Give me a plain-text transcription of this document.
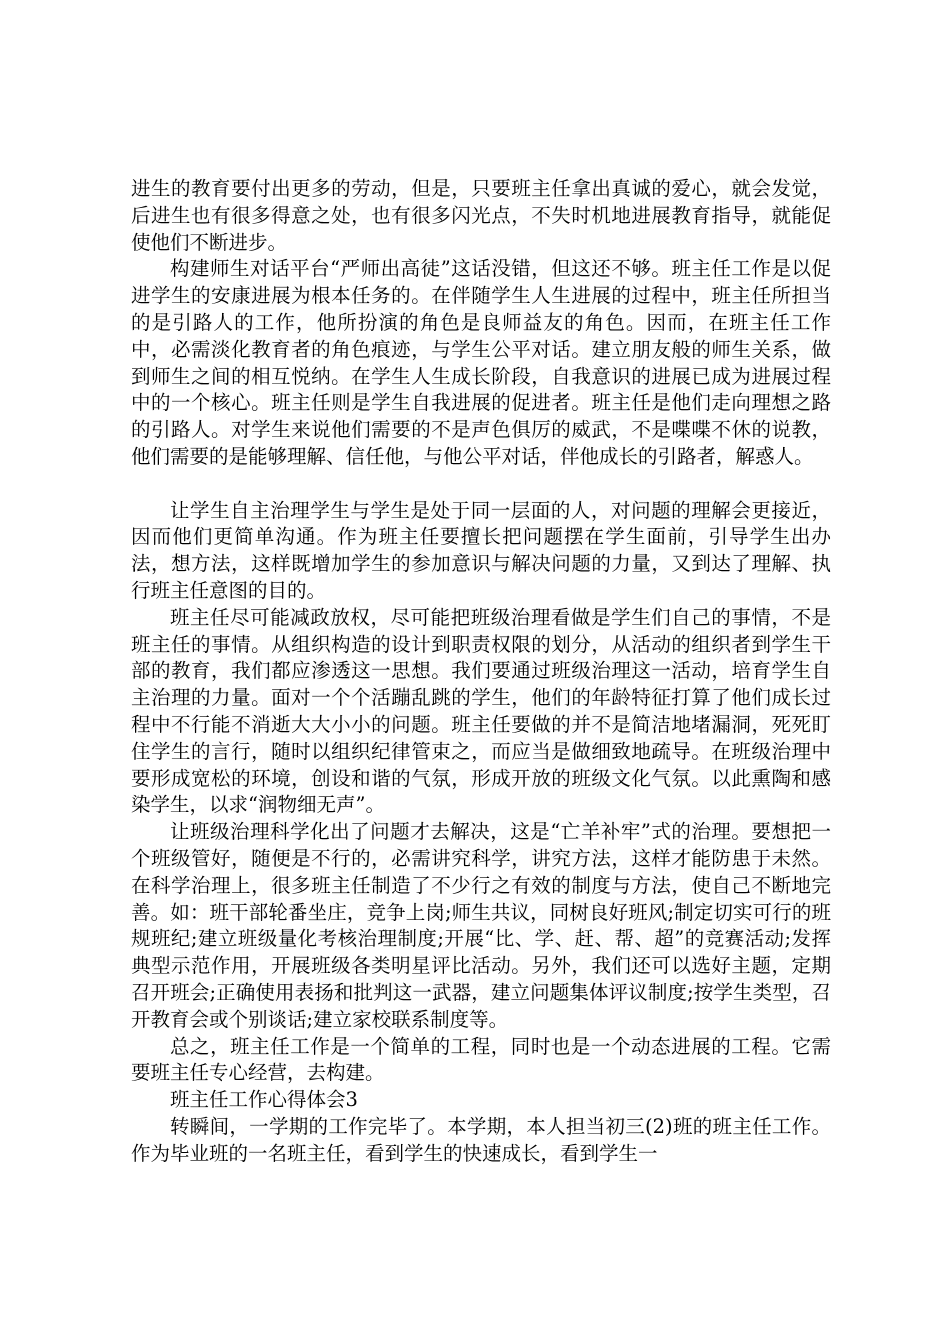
进生的教育要付出更多的劳动，但是，只要班主任拿出真诚的爱心，就会发觉，后进生也有很多得意之处，也有很多闪光点，不失时机地进展教育指导，就能促使他们不断进步。

构建师生对话平台“严师出高徒”这话没错，但这还不够。班主任工作是以促进学生的安康进展为根本任务的。在伴随学生人生进展的过程中，班主任所担当的是引路人的工作，他所扮演的角色是良师益友的角色。因而，在班主任工作中，必需淡化教育者的角色痕迹，与学生公平对话。建立朋友般的师生关系，做到师生之间的相互悦纳。在学生人生成长阶段，自我意识的进展已成为进展过程中的一个核心。班主任则是学生自我进展的促进者。班主任是他们走向理想之路的引路人。对学生来说他们需要的不是声色俱厉的威武，不是喋喋不休的说教，他们需要的是能够理解、信任他，与他公平对话，伴他成长的引路者，解惑人。

让学生自主治理学生与学生是处于同一层面的人，对问题的理解会更接近，因而他们更简单沟通。作为班主任要擅长把问题摆在学生面前，引导学生出办法，想方法，这样既增加学生的参加意识与解决问题的力量，又到达了理解、执行班主任意图的目的。

班主任尽可能减政放权，尽可能把班级治理看做是学生们自己的事情，不是班主任的事情。从组织构造的设计到职责权限的划分，从活动的组织者到学生干部的教育，我们都应渗透这一思想。我们要通过班级治理这一活动，培育学生自主治理的力量。面对一个个活蹦乱跳的学生，他们的年龄特征打算了他们成长过程中不行能不消逝大大小小的问题。班主任要做的并不是简洁地堵漏洞，死死盯住学生的言行，随时以组织纪律管束之，而应当是做细致地疏导。在班级治理中要形成宽松的环境，创设和谐的气氛，形成开放的班级文化气氛。以此熏陶和感染学生，以求“润物细无声”。

让班级治理科学化出了问题才去解决，这是“亡羊补牢”式的治理。要想把一个班级管好，随便是不行的，必需讲究科学，讲究方法，这样才能防患于未然。在科学治理上，很多班主任制造了不少行之有效的制度与方法，使自己不断地完善。如：班干部轮番坐庄，竞争上岗;师生共议，同树良好班风;制定切实可行的班规班纪;建立班级量化考核治理制度;开展“比、学、赶、帮、超”的竞赛活动;发挥典型示范作用，开展班级各类明星评比活动。另外，我们还可以选好主题，定期召开班会;正确使用表扬和批判这一武器，建立问题集体评议制度;按学生类型，召开教育会或个别谈话;建立家校联系制度等。

总之，班主任工作是一个简单的工程，同时也是一个动态进展的工程。它需要班主任专心经营，去构建。

班主任工作心得体会3

转瞬间，一学期的工作完毕了。本学期，本人担当初三(2)班的班主任工作。作为毕业班的一名班主任，看到学生的快速成长，看到学生一
